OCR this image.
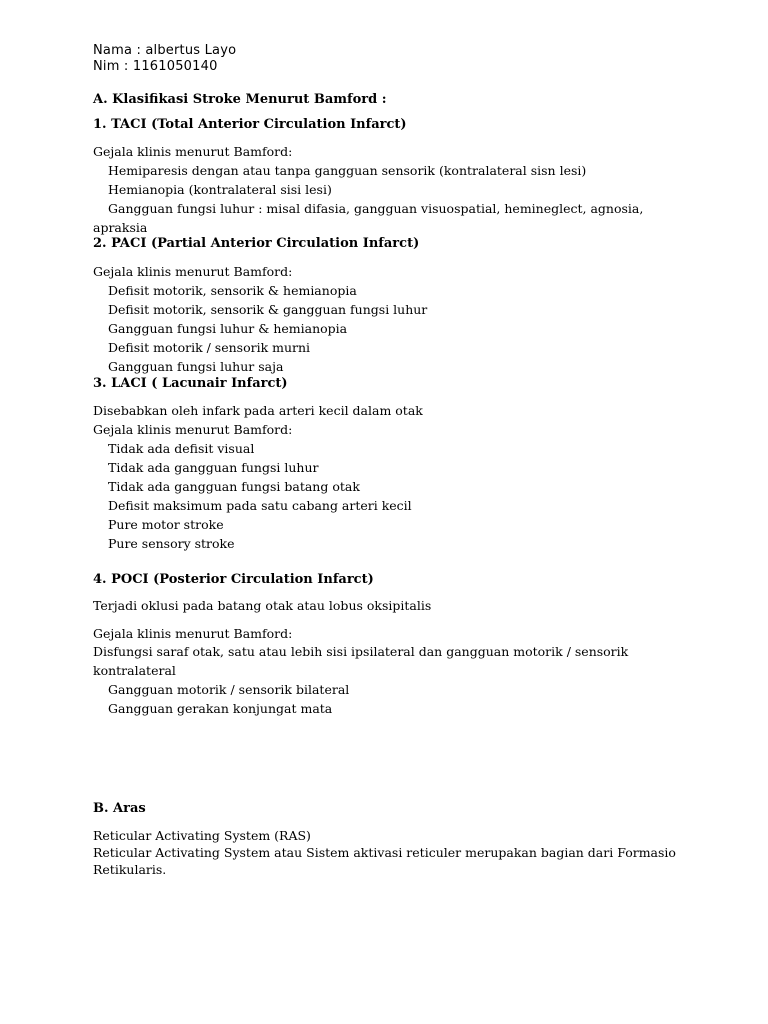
Nama : albertus Layo
Nim : 1161050140
A. Klasifikasi Stroke Menurut Bamford :
1. TACI (Total Anterior Circulation Infarct)
Gejala klinis menurut Bamford:
Hemiparesis dengan atau tanpa gangguan sensorik (kontralateral sisn lesi)
Hemianopia (kontralateral sisi lesi)
Gangguan fungsi luhur : misal difasia, gangguan visuospatial, hemineglect, agnosia,
apraksia
2. PACI (Partial Anterior Circulation Infarct)
Gejala klinis menurut Bamford:
Defisit motorik, sensorik & hemianopia
Defisit motorik, sensorik & gangguan fungsi luhur
Gangguan fungsi luhur & hemianopia
Defisit motorik / sensorik murni
Gangguan fungsi luhur saja
3. LACI ( Lacunair Infarct)
Disebabkan oleh infark pada arteri kecil dalam otak
Gejala klinis menurut Bamford:
Tidak ada defisit visual
Tidak ada gangguan fungsi luhur
Tidak ada gangguan fungsi batang otak
Defisit maksimum pada satu cabang arteri kecil
Pure motor stroke
Pure sensory stroke
4. POCI (Posterior Circulation Infarct)
Terjadi oklusi pada batang otak atau lobus oksipitalis
Gejala klinis menurut Bamford:
Disfungsi saraf otak, satu atau lebih sisi ipsilateral dan gangguan motorik / sensorik
kontralateral
Gangguan motorik / sensorik bilateral
Gangguan gerakan konjungat mata
B. Aras
Reticular Activating System (RAS)
Reticular Activating System atau Sistem aktivasi reticuler merupakan bagian dari Formasio
Retikularis.
